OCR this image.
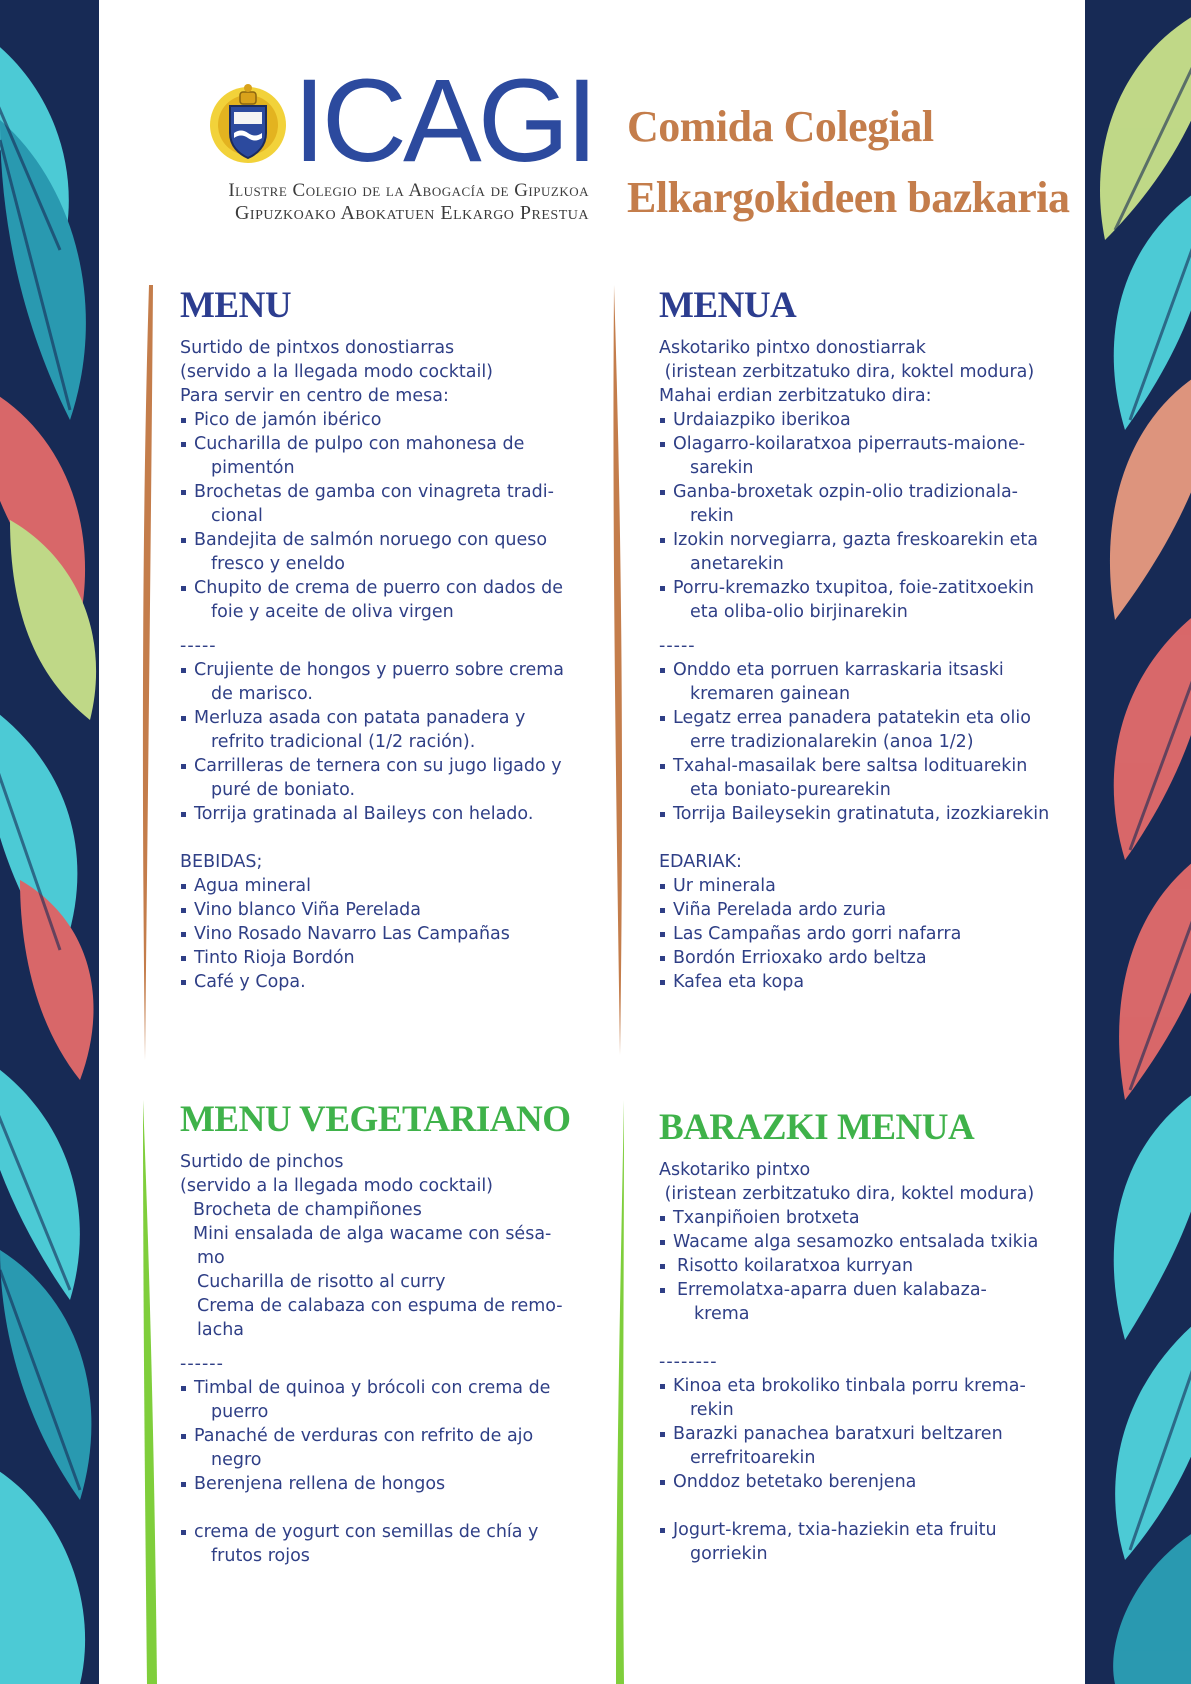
ICAGI
Ilustre Colegio de la Abogacía de Gipuzkoa
Gipuzkoako Abokatuen Elkargo Prestua
Comida Colegial
Elkargokideen bazkaria
MENU

Surtido de pintxos donostiarras

(servido a la llegada modo cocktail)

Para servir en centro de mesa:

Pico de jamón ibérico
Cucharilla de pulpo con mahonesa de
pimentón
Brochetas de gamba con vinagreta tradi-
cional
Bandejita de salmón noruego con queso
fresco y eneldo
Chupito de crema de puerro con dados de
foie y aceite de oliva virgen

-----

Crujiente de hongos y puerro sobre crema
de marisco.
Merluza asada con patata panadera y
refrito tradicional (1/2 ración).
Carrilleras de ternera con su jugo ligado y
puré de boniato.
Torrija gratinada al Baileys con helado.

BEBIDAS;

Agua mineral
Vino blanco Viña Perelada
Vino Rosado Navarro Las Campañas
Tinto Rioja Bordón
Café y Copa.
MENUA

Askotariko pintxo donostiarrak

(iristean zerbitzatuko dira, koktel modura)

Mahai erdian zerbitzatuko dira:

Urdaiazpiko iberikoa
Olagarro-koilaratxoa piperrauts-maione-
sarekin
Ganba-broxetak ozpin-olio tradizionala-
rekin
Izokin norvegiarra, gazta freskoarekin eta
anetarekin
Porru-kremazko txupitoa, foie-zatitxoekin
eta oliba-olio birjinarekin

-----

Onddo eta porruen karraskaria itsaski
kremaren gainean
Legatz errea panadera patatekin eta olio
erre tradizionalarekin (anoa 1/2)
Txahal-masailak bere saltsa lodituarekin
eta boniato-purearekin
Torrija Baileysekin gratinatuta, izozkiarekin

EDARIAK:

Ur minerala
Viña Perelada ardo zuria
Las Campañas ardo gorri nafarra
Bordón Errioxako ardo beltza
Kafea eta kopa
MENU VEGETARIANO

Surtido de pinchos

(servido a la llegada modo cocktail)

Brocheta de champiñones

Mini ensalada de alga wacame con sésa-

mo

Cucharilla de risotto al curry

Crema de calabaza con espuma de remo-

lacha

------

Timbal de quinoa y brócoli con crema de
puerro
Panaché de verduras con refrito de ajo
negro
Berenjena rellena de hongos
crema de yogurt con semillas de chía y
frutos rojos
BARAZKI MENUA

Askotariko pintxo

(iristean zerbitzatuko dira, koktel modura)

Txanpiñoien brotxeta
Wacame alga sesamozko entsalada txikia
Risotto koilaratxoa kurryan
Erremolatxa-aparra duen kalabaza-
krema

--------

Kinoa eta brokoliko tinbala porru krema-
rekin
Barazki panachea baratxuri beltzaren
errefritoarekin
Onddoz betetako berenjena
Jogurt-krema, txia-haziekin eta fruitu
gorriekin
